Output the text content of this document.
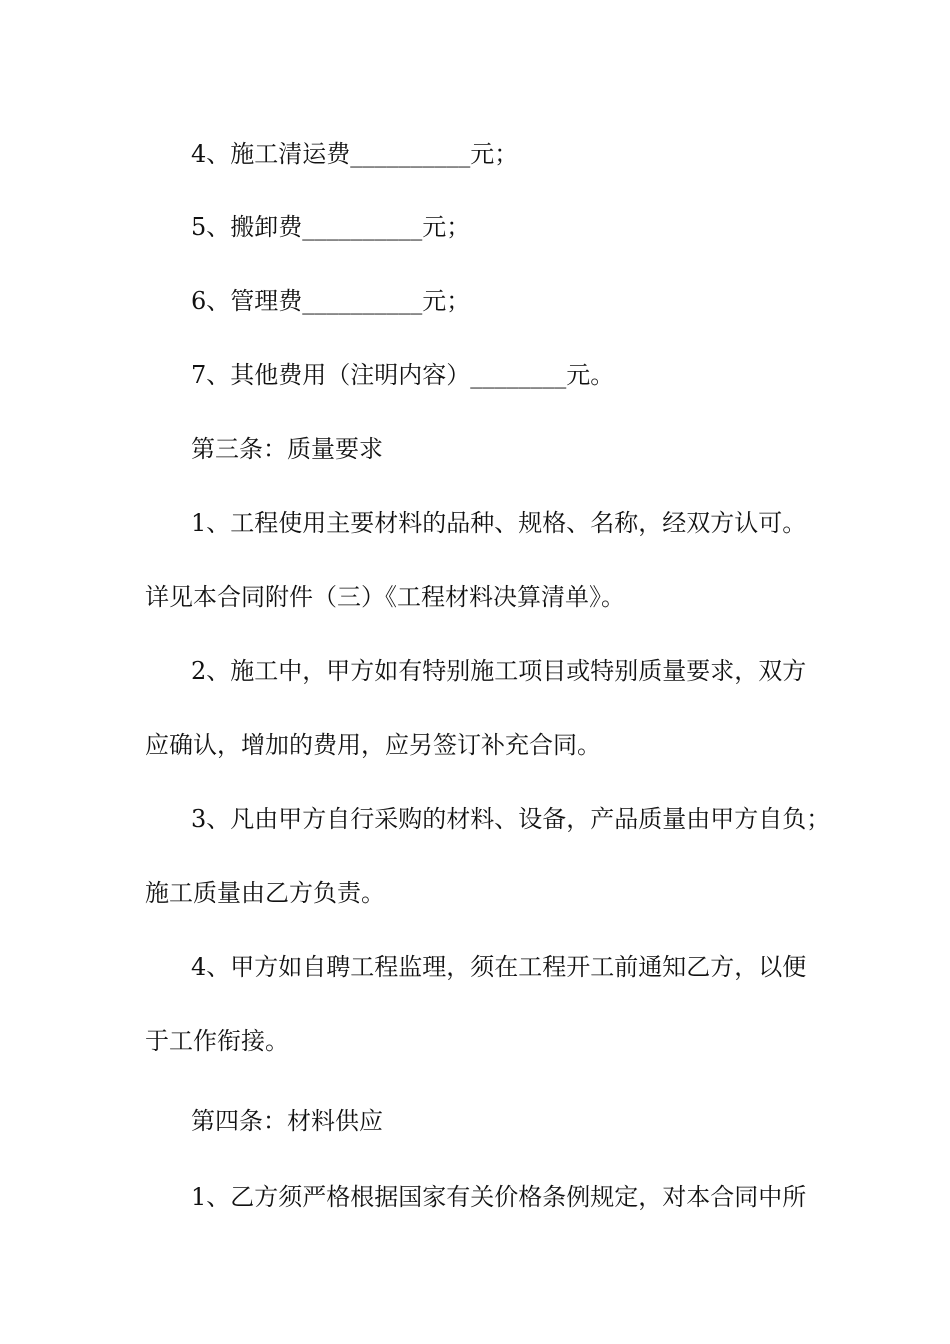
4、施工清运费__________元；
5、搬卸费__________元；
6、管理费__________元；
7、其他费用（注明内容）________元。
第三条：质量要求
1、工程使用主要材料的品种、规格、名称，经双方认可。
详见本合同附件（三）《工程材料决算清单》。
2、施工中，甲方如有特别施工项目或特别质量要求，双方
应确认，增加的费用，应另签订补充合同。
3、凡由甲方自行采购的材料、设备，产品质量由甲方自负；
施工质量由乙方负责。
4、甲方如自聘工程监理，须在工程开工前通知乙方，以便
于工作衔接。
第四条：材料供应
1、乙方须严格根据国家有关价格条例规定，对本合同中所
